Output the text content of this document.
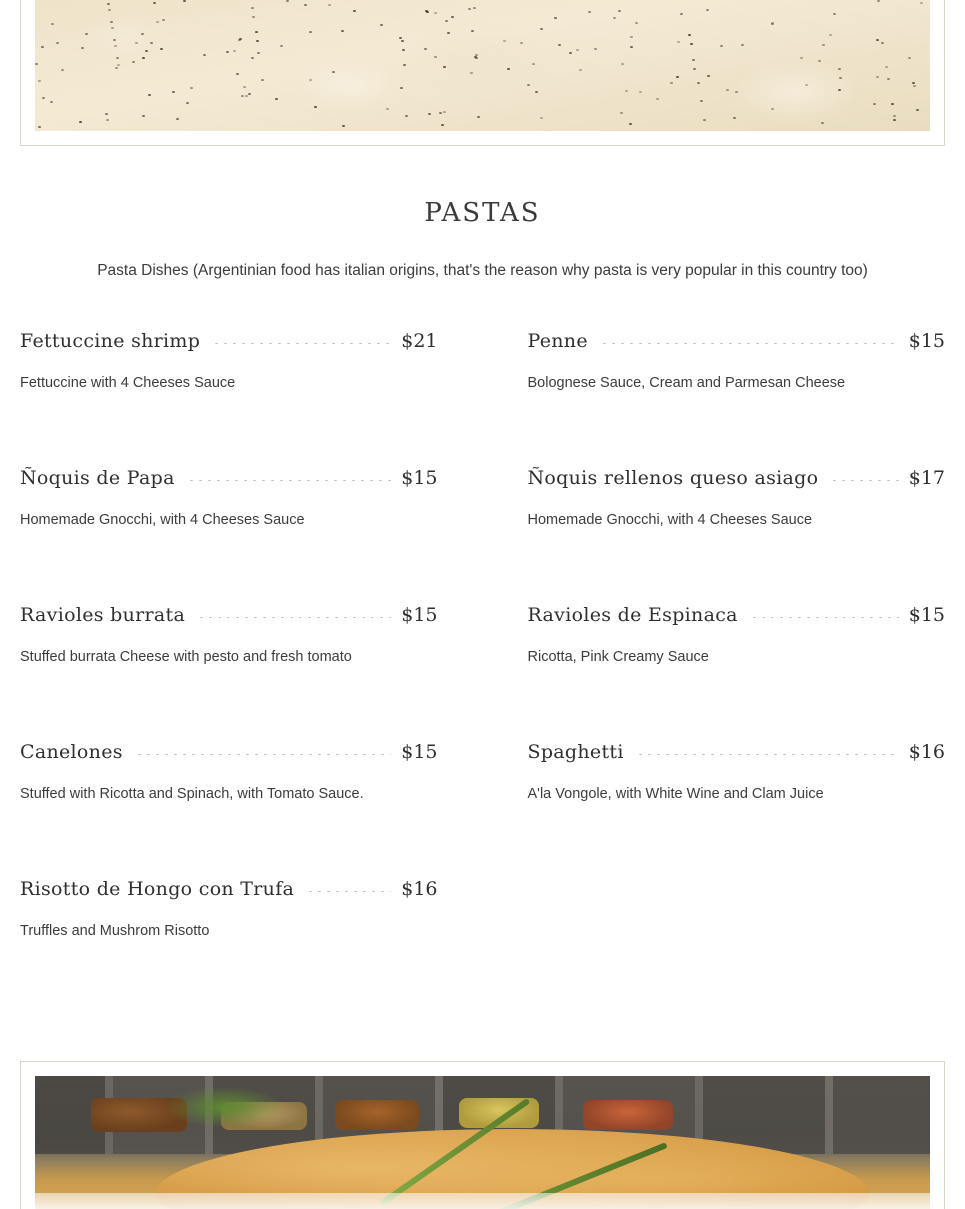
PASTAS

Pasta Dishes (Argentinian food has italian origins, that's the reason why pasta is very popular in this country too)

Fettuccine shrimp	$21
Fettuccine with 4 Cheeses Sauce
Penne	$15
Bolognese Sauce, Cream and Parmesan Cheese
Ñoquis de Papa	$15
Homemade Gnocchi, with 4 Cheeses Sauce
Ñoquis rellenos queso asiago	$17
Homemade Gnocchi, with 4 Cheeses Sauce
Ravioles burrata	$15
Stuffed burrata Cheese with pesto and fresh tomato
Ravioles de Espinaca	$15
Ricotta, Pink Creamy Sauce
Canelones	$15
Stuffed with Ricotta and Spinach, with Tomato Sauce.
Spaghetti	$16
A'la Vongole, with White Wine and Clam Juice
Risotto de Hongo con Trufa	$16
Truffles and Mushrom Risotto
